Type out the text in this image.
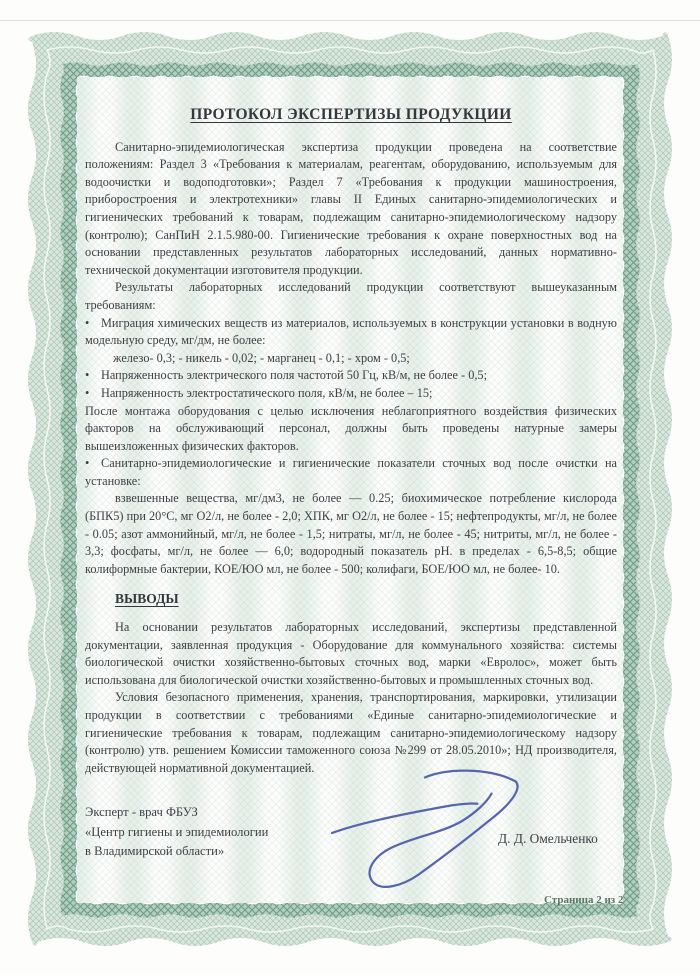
ПРОТОКОЛ ЭКСПЕРТИЗЫ ПРОДУКЦИИ

Санитарно-эпидемиологическая экспертиза продукции проведена на соответствие положениям: Раздел 3 «Требования к материалам, реагентам, оборудованию, используемым для водоочистки и водоподготовки»; Раздел 7 «Требования к продукции машиностроения, приборостроения и электротехники» главы II Единых санитарно-эпидемиологических и гигиенических требований к товарам, подлежащим санитарно-эпидемиологическому надзору (контролю); СанПиН 2.1.5.980-00. Гигиенические требования к охране поверхностных вод на основании представленных результатов лабораторных исследований, данных нормативно-технической документации изготовителя продукции.

Результаты лабораторных исследований продукции соответствуют вышеуказанным требованиям:

• Миграция химических веществ из материалов, используемых в конструкции установки в водную модельную среду, мг/дм, не более:

железо- 0,3; - никель - 0,02; - марганец - 0,1; - хром - 0,5;

• Напряженность электрического поля частотой 50 Гц, кВ/м, не более - 0,5;

• Напряженность электростатического поля, кВ/м, не более – 15;

После монтажа оборудования с целью исключения неблагоприятного воздействия физических факторов на обслуживающий персонал, должны быть проведены натурные замеры вышеизложенных физических факторов.

• Санитарно-эпидемиологические и гигиенические показатели сточных вод после очистки на установке:

взвешенные вещества, мг/дм3, не более — 0.25; биохимическое потребление кислорода (БПК5) при 20°С, мг О2/л, не более - 2,0; ХПК, мг О2/л, не более - 15; нефтепродукты, мг/л, не более - 0.05; азот аммонийный, мг/л, не более - 1,5; нитраты, мг/л, не более - 45; нитриты, мг/л, не более - 3,3; фосфаты, мг/л, не более — 6,0; водородный показатель рН. в пределах - 6,5-8,5; общие колиформные бактерии, КОЕ/ЮО мл, не более - 500; колифаги, БОЕ/ЮО мл, не более- 10.

ВЫВОДЫ

На основании результатов лабораторных исследований, экспертизы представленной документации, заявленная продукция - Оборудование для коммунального хозяйства: системы биологической очистки хозяйственно-бытовых сточных вод, марки «Евролос», может быть использована для биологической очистки хозяйственно-бытовых и промышленных сточных вод.

Условия безопасного применения, хранения, транспортирования, маркировки, утилизации продукции в соответствии с требованиями «Единые санитарно-эпидемиологические и гигиенические требования к товарам, подлежащим санитарно-эпидемиологическому надзору (контролю) утв. решением Комиссии таможенного союза №299 от 28.05.2010»; НД производителя, действующей нормативной документацией.

Эксперт - врач ФБУЗ
«Центр гигиены и эпидемиологии
в Владимирской области»
Д. Д. Омельченко
Страница 2 из 2
